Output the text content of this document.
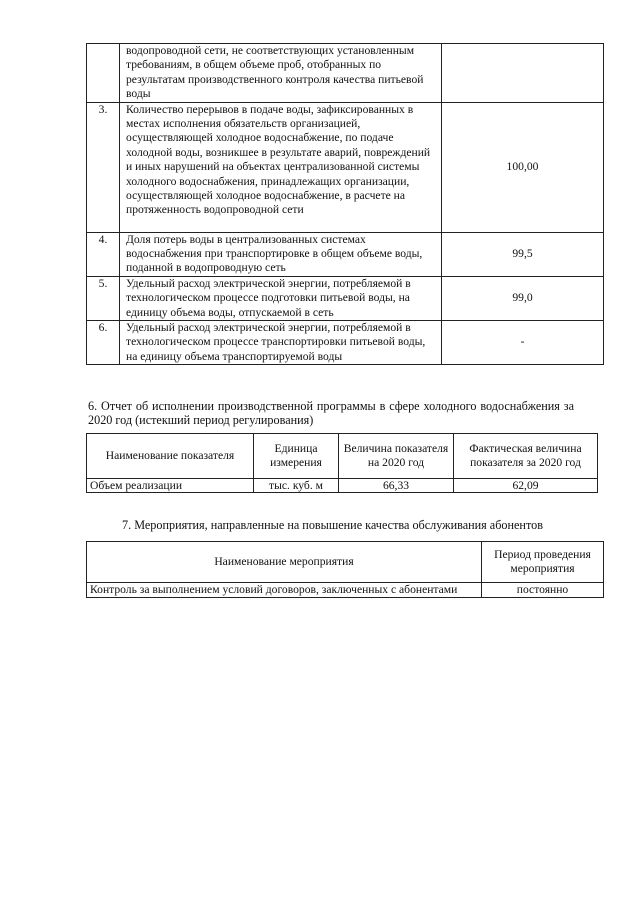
	водопроводной сети, не соответствующих установленным требованиям, в общем объеме проб, отобранных по результатам производственного контроля качества питьевой воды	
3.	Количество перерывов в подаче воды, зафиксированных в местах исполнения обязательств организацией, осуществляющей холодное водоснабжение, по подаче холодной воды, возникшее в результате аварий, повреждений и иных нарушений на объектах централизованной системы холодного водоснабжения, принадлежащих организации, осуществляющей холодное водоснабжение, в расчете на протяженность водопроводной сети	100,00
4.	Доля потерь воды в централизованных системах водоснабжения при транспортировке в общем объеме воды, поданной в водопроводную сеть	99,5
5.	Удельный расход электрической энергии, потребляемой в технологическом процессе подготовки питьевой воды, на единицу объема воды, отпускаемой в сеть	99,0
6.	Удельный расход электрической энергии, потребляемой в технологическом процессе транспортировки питьевой воды, на единицу объема транспортируемой воды	-
6. Отчет об исполнении производственной программы в сфере холодного водоснабжения за 2020 год (истекший период регулирования)
Наименование показателя	Единица измерения	Величина показателя на 2020 год	Фактическая величина показателя за 2020 год
Объем реализации	тыс. куб. м	66,33	62,09
7. Мероприятия, направленные на повышение качества обслуживания абонентов
Наименование мероприятия	Период проведения мероприятия
Контроль за выполнением условий договоров, заключенных с абонентами	постоянно
